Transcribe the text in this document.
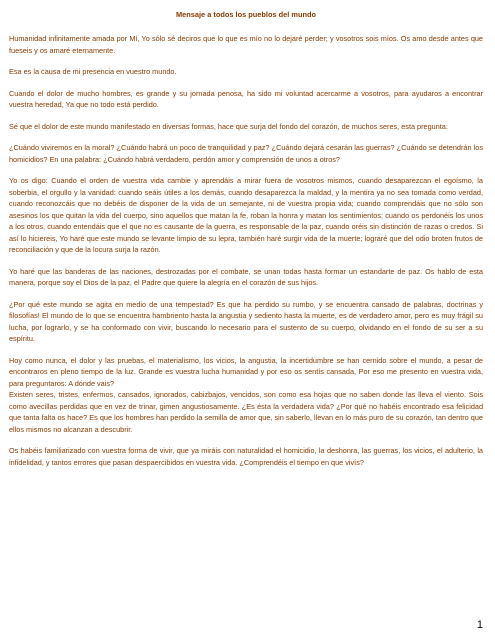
Mensaje a todos los pueblos del mundo

Humanidad infinitamente amada por Mí, Yo sólo sé deciros que lo que es mío no lo dejaré perder; y vosotros sois míos. Os amo desde antes que fueseis y os amaré eternamente.

Esa es la causa de mi presencia en vuestro mundo.

Cuando el dolor de mucho hombres, es grande y su jornada penosa, ha sido mi voluntad acercarme a vosotros, para ayudaros a encontrar vuestra heredad, Ya que no todo está perdido.

Sé que el dolor de este mundo manifestado en diversas formas, hace que surja del fondo del corazón, de muchos seres, esta pregunta:

¿Cuándo viviremos en la moral? ¿Cuándo habrá un poco de tranquilidad y paz? ¿Cuándo dejará cesarán las guerras? ¿Cuándo se detendrán los homicidios? En una palabra: ¿Cuándo habrá verdadero, perdón amor y comprensión de unos a otros?

Yo os digo: Cuando el orden de vuestra vida cambie y aprendáis a mirar fuera de vosotros mismos, cuando desaparezcan el egoísmo, la soberbia, el orgullo y la vanidad: cuando seáis útiles a los demás, cuando desaparezca la maldad, y la mentira ya no sea tomada como verdad, cuando reconozcáis que no debéis de disponer de la vida de un semejante, ni de vuestra propia vida; cuando comprendáis que no sólo son asesinos los que quitan la vida del cuerpo, sino aquellos que matan la fe, roban la honra y matan los sentimientos; cuando os perdonéis los unos a los otros, cuando entendáis que el que no es causante de la guerra, es responsable de la paz, cuando oréis sin distinción de razas o credos. Si así lo hiciereis, Yo haré que este mundo se levante limpio de su lepra, también haré surgir vida de la muerte; lograré que del odio broten frutos de reconciliación y que de la locura surja la razón.

Yo haré que las banderas de las naciones, destrozadas por el combate, se unan todas hasta formar un estandarte de paz. Os hablo de esta manera, porque soy el Dios de la paz, el Padre que quiere la alegría en el corazón de sus hijos.

¿Por qué este mundo se agita en medio de una tempestad? Es que ha perdido su rumbo, y se encuentra cansado de palabras, doctrinas y filosofías! El mundo de lo que se encuentra hambriento hasta la angustia y sediento hasta la muerte, es de verdadero amor, pero es muy frágil su lucha, por lograrlo, y se ha conformado con vivir, buscando lo necesario para el sustento de su cuerpo, olvidando en el fondo de su ser a su espíritu.

Hoy como nunca, el dolor y las pruebas, el materialismo, los vicios, la angustia, la incertidumbre se han cernido sobre el mundo, a pesar de encontraros en pleno tiempo de la luz. Grande es vuestra lucha humanidad y por eso os sentís cansada, Por eso me presento en vuestra vida, para preguntaros: A dónde vais?

Existen seres, tristes, enfermos, cansados, ignorados, cabizbajos, vencidos, son como esa hojas que no saben donde las lleva el viento. Sois como avecillas perdidas que en vez de trinar, gimen angustiosamente. ¿Es ésta la verdadera vida? ¿Por qué no habéis encontrado esa felicidad que tanta falta os hace? Es que los hombres han perdido la semilla de amor que, sin saberlo, llevan en lo más puro de su corazón, tan dentro que ellos mismos no alcanzan a descubrir.

Os habéis familiarizado con vuestra forma de vivir, que ya miráis con naturalidad el homicidio, la deshonra, las guerras, los vicios, el adulterio, la infidelidad, y tantos errores que pasan despaercibidos en vuestra vida. ¿Comprendéis el tiempo en que vivís?

1
